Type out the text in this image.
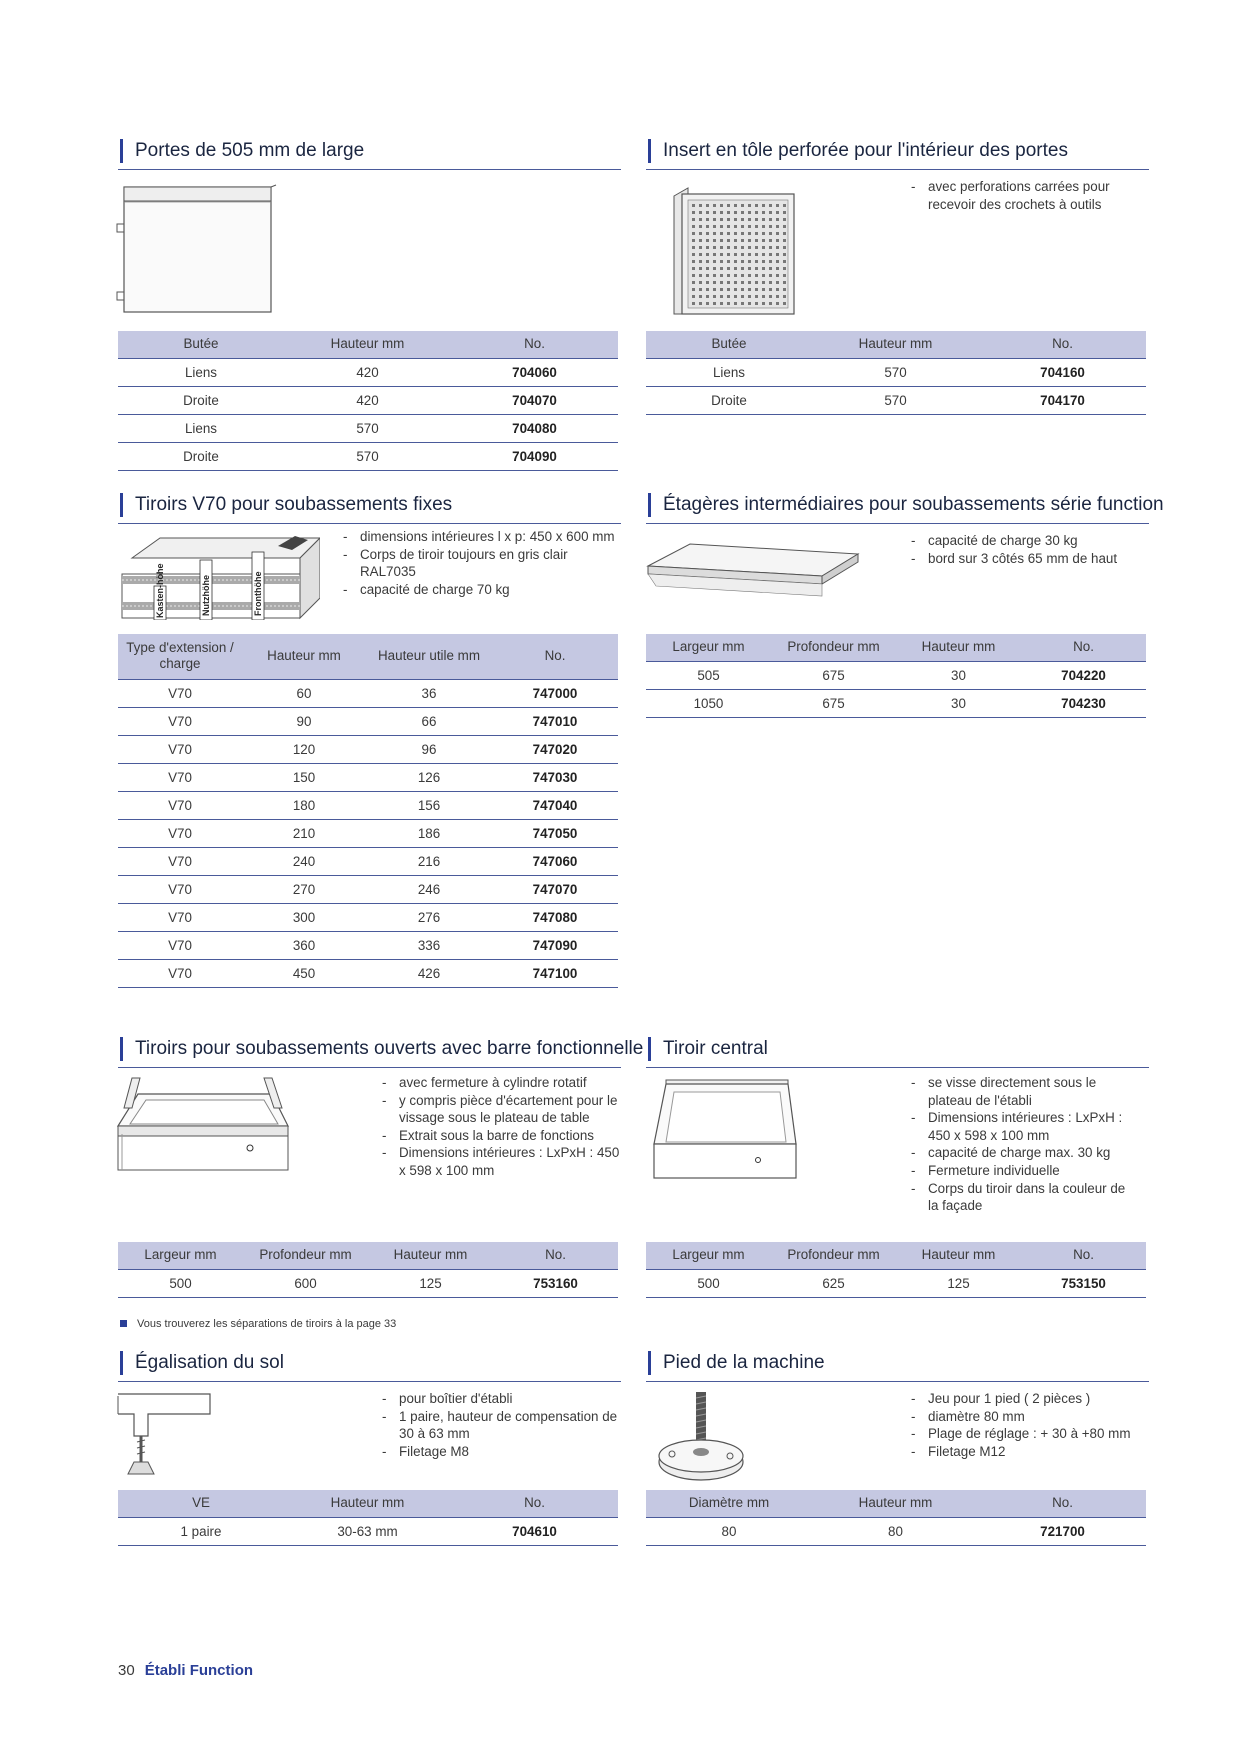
Portes de 505 mm de large
Butée	Hauteur mm	No.
Liens	420	704060
Droite	420	704070
Liens	570	704080
Droite	570	704090
Insert en tôle perforée pour l'intérieur des portes
- avec perforations carrées pour recevoir des crochets à outils
Butée	Hauteur mm	No.
Liens	570	704160
Droite	570	704170
Tiroirs V70 pour soubassements fixes
Kasten-höhe	Nutzhöhe	Fronthöhe
- dimensions intérieures l x p: 450 x 600 mm
- Corps de tiroir toujours en gris clair RAL7035
- capacité de charge 70 kg
Type d'extension / charge	Hauteur mm	Hauteur utile mm	No.
V70	60	36	747000
V70	90	66	747010
V70	120	96	747020
V70	150	126	747030
V70	180	156	747040
V70	210	186	747050
V70	240	216	747060
V70	270	246	747070
V70	300	276	747080
V70	360	336	747090
V70	450	426	747100
Étagères intermédiaires pour soubassements série function
- capacité de charge 30 kg
- bord sur 3 côtés 65 mm de haut
Largeur mm	Profondeur mm	Hauteur mm	No.
505	675	30	704220
1050	675	30	704230
Tiroirs pour soubassements ouverts avec barre fonctionnelle
- avec fermeture à cylindre rotatif
- y compris pièce d'écartement pour le vissage sous le plateau de table
- Extrait sous la barre de fonctions
- Dimensions intérieures : LxPxH : 450 x 598 x 100 mm
Largeur mm	Profondeur mm	Hauteur mm	No.
500	600	125	753160
Tiroir central
- se visse directement sous le plateau de l'établi
- Dimensions intérieures : LxPxH : 450 x 598 x 100 mm
- capacité de charge max. 30 kg
- Fermeture individuelle
- Corps du tiroir dans la couleur de la façade
Largeur mm	Profondeur mm	Hauteur mm	No.
500	625	125	753150
Vous trouverez les séparations de tiroirs à la page 33
Égalisation du sol
- pour boîtier d'établi
- 1 paire, hauteur de compensation de 30 à 63 mm
- Filetage M8
VE	Hauteur mm	No.
1 paire	30-63 mm	704610
Pied de la machine
- Jeu pour 1 pied ( 2 pièces )
- diamètre 80 mm
- Plage de réglage : + 30 à +80 mm
- Filetage M12
Diamètre mm	Hauteur mm	No.
80	80	721700
30 Établi Function
